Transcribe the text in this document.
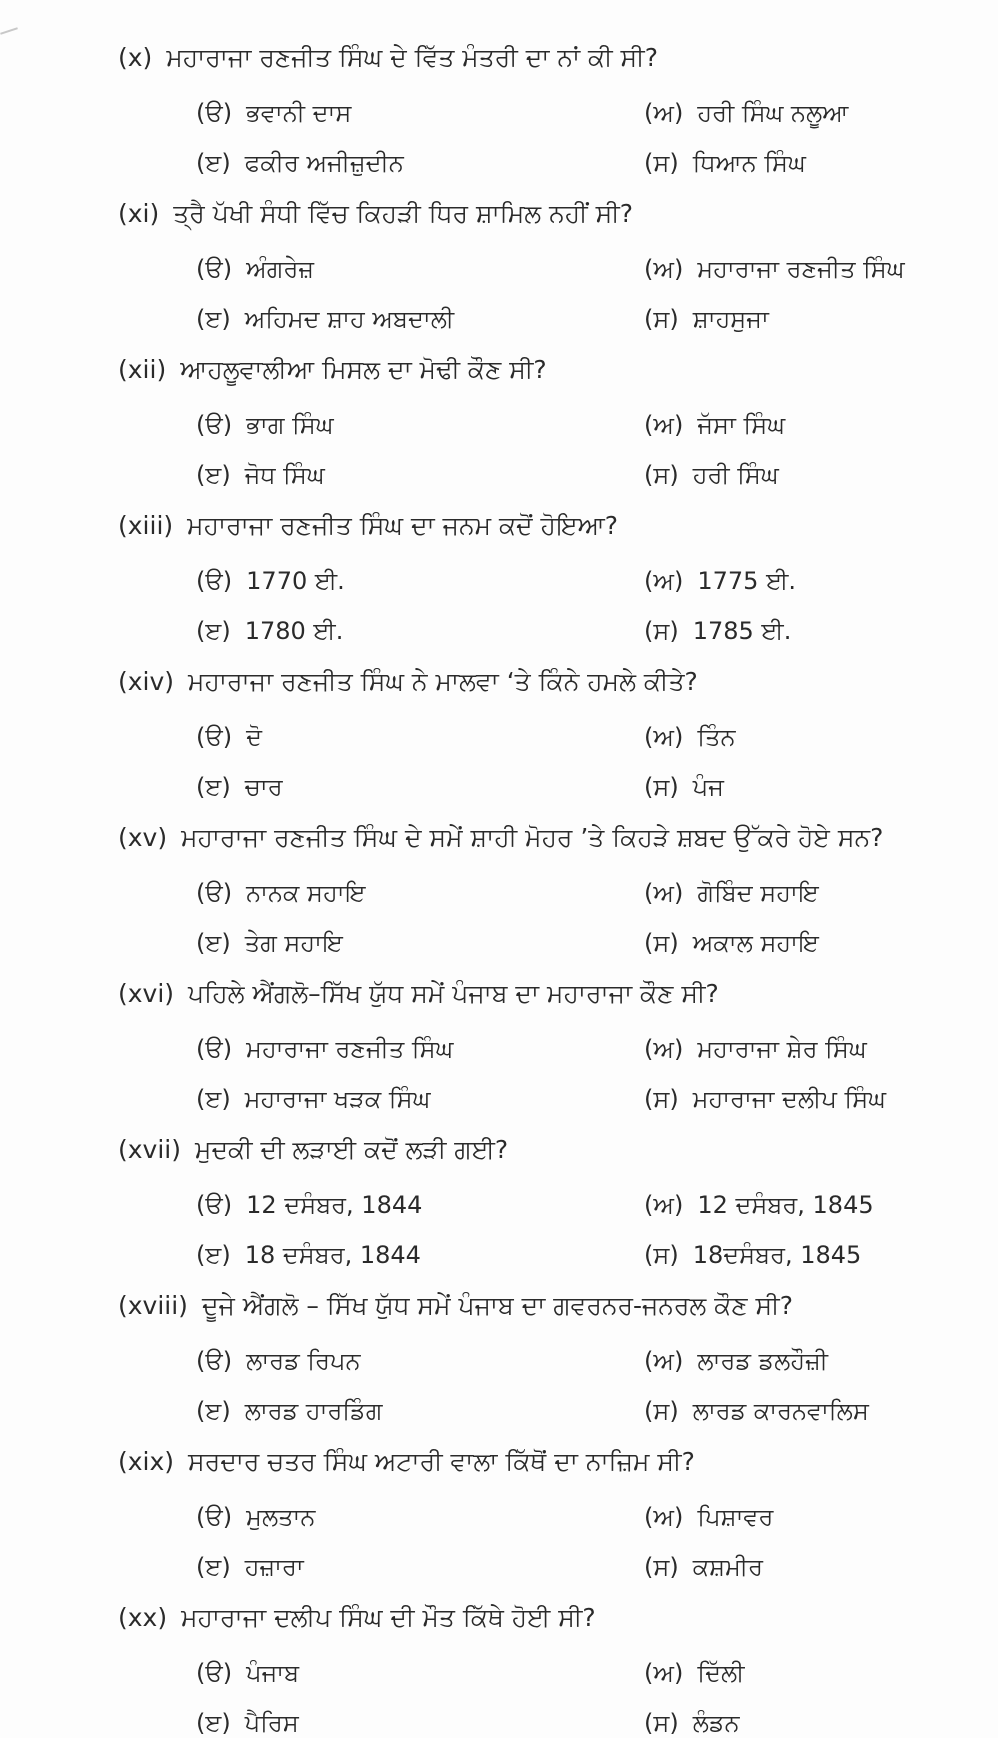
(x) ਮਹਾਰਾਜਾ ਰਣਜੀਤ ਸਿੰਘ ਦੇ ਵਿੱਤ ਮੰਤਰੀ ਦਾ ਨਾਂ ਕੀ ਸੀ?
(ੳ) ਭਵਾਨੀ ਦਾਸ	(ਅ) ਹਰੀ ਸਿੰਘ ਨਲੂਆ
(ੲ) ਫਕੀਰ ਅਜੀਜ਼ੁਦੀਨ	(ਸ) ਧਿਆਨ ਸਿੰਘ
(xi) ਤ੍ਰੈ ਪੱਖੀ ਸੰਧੀ ਵਿੱਚ ਕਿਹੜੀ ਧਿਰ ਸ਼ਾਮਿਲ ਨਹੀਂ ਸੀ?
(ੳ) ਅੰਗਰੇਜ਼	(ਅ) ਮਹਾਰਾਜਾ ਰਣਜੀਤ ਸਿੰਘ
(ੲ) ਅਹਿਮਦ ਸ਼ਾਹ ਅਬਦਾਲੀ	(ਸ) ਸ਼ਾਹਸੁਜਾ
(xii) ਆਹਲੂਵਾਲੀਆ ਮਿਸਲ ਦਾ ਮੋਢੀ ਕੌਣ ਸੀ?
(ੳ) ਭਾਗ ਸਿੰਘ	(ਅ) ਜੱਸਾ ਸਿੰਘ
(ੲ) ਜੋਧ ਸਿੰਘ	(ਸ) ਹਰੀ ਸਿੰਘ
(xiii) ਮਹਾਰਾਜਾ ਰਣਜੀਤ ਸਿੰਘ ਦਾ ਜਨਮ ਕਦੋਂ ਹੋਇਆ?
(ੳ) 1770 ਈ.	(ਅ) 1775 ਈ.
(ੲ) 1780 ਈ.	(ਸ) 1785 ਈ.
(xiv) ਮਹਾਰਾਜਾ ਰਣਜੀਤ ਸਿੰਘ ਨੇ ਮਾਲਵਾ ‘ਤੇ ਕਿੰਨੇ ਹਮਲੇ ਕੀਤੇ?
(ੳ) ਦੋ	(ਅ) ਤਿੰਨ
(ੲ) ਚਾਰ	(ਸ) ਪੰਜ
(xv) ਮਹਾਰਾਜਾ ਰਣਜੀਤ ਸਿੰਘ ਦੇ ਸਮੇਂ ਸ਼ਾਹੀ ਮੋਹਰ ’ਤੇ ਕਿਹੜੇ ਸ਼ਬਦ ਉੱਕਰੇ ਹੋਏ ਸਨ?
(ੳ) ਨਾਨਕ ਸਹਾਇ	(ਅ) ਗੋਬਿੰਦ ਸਹਾਇ
(ੲ) ਤੇਗ ਸਹਾਇ	(ਸ) ਅਕਾਲ ਸਹਾਇ
(xvi) ਪਹਿਲੇ ਐਂਗਲੋ–ਸਿੱਖ ਯੁੱਧ ਸਮੇਂ ਪੰਜਾਬ ਦਾ ਮਹਾਰਾਜਾ ਕੌਣ ਸੀ?
(ੳ) ਮਹਾਰਾਜਾ ਰਣਜੀਤ ਸਿੰਘ	(ਅ) ਮਹਾਰਾਜਾ ਸ਼ੇਰ ਸਿੰਘ
(ੲ) ਮਹਾਰਾਜਾ ਖੜਕ ਸਿੰਘ	(ਸ) ਮਹਾਰਾਜਾ ਦਲੀਪ ਸਿੰਘ
(xvii) ਮੁਦਕੀ ਦੀ ਲੜਾਈ ਕਦੋਂ ਲੜੀ ਗਈ?
(ੳ) 12 ਦਸੰਬਰ, 1844	(ਅ) 12 ਦਸੰਬਰ, 1845
(ੲ) 18 ਦਸੰਬਰ, 1844	(ਸ) 18ਦਸੰਬਰ, 1845
(xviii) ਦੂਜੇ ਐਂਗਲੋ – ਸਿੱਖ ਯੁੱਧ ਸਮੇਂ ਪੰਜਾਬ ਦਾ ਗਵਰਨਰ-ਜਨਰਲ ਕੌਣ ਸੀ?
(ੳ) ਲਾਰਡ ਰਿਪਨ	(ਅ) ਲਾਰਡ ਡਲਹੌਜ਼ੀ
(ੲ) ਲਾਰਡ ਹਾਰਡਿੰਗ	(ਸ) ਲਾਰਡ ਕਾਰਨਵਾਲਿਸ
(xix) ਸਰਦਾਰ ਚਤਰ ਸਿੰਘ ਅਟਾਰੀ ਵਾਲਾ ਕਿੱਥੋਂ ਦਾ ਨਾਜ਼ਿਮ ਸੀ?
(ੳ) ਮੁਲਤਾਨ	(ਅ) ਪਿਸ਼ਾਵਰ
(ੲ) ਹਜ਼ਾਰਾ	(ਸ) ਕਸ਼ਮੀਰ
(xx) ਮਹਾਰਾਜਾ ਦਲੀਪ ਸਿੰਘ ਦੀ ਮੌਤ ਕਿੱਥੇ ਹੋਈ ਸੀ?
(ੳ) ਪੰਜਾਬ	(ਅ) ਦਿੱਲੀ
(ੲ) ਪੈਰਿਸ	(ਸ) ਲੰਡਨ
